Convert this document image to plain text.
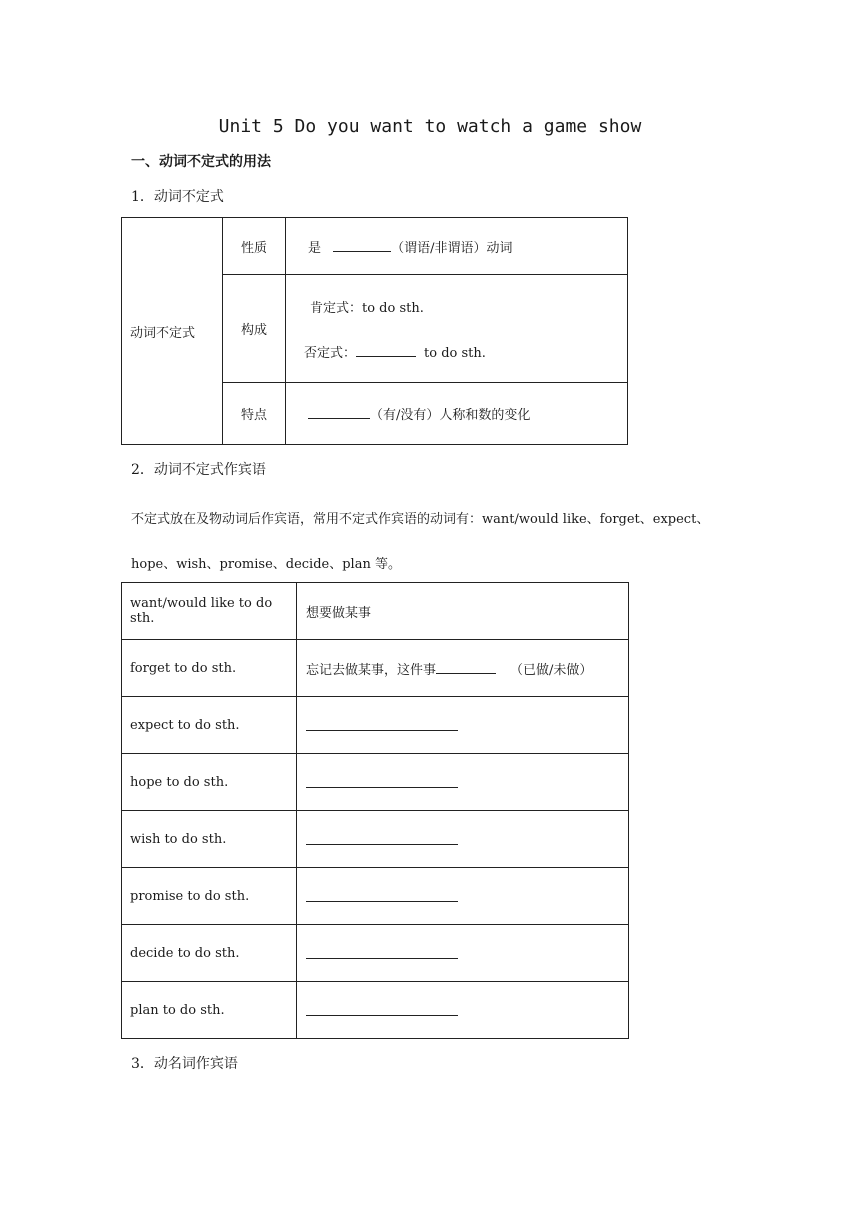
Unit 5 Do you want to watch a game show
一、动词不定式的用法
1．动词不定式
动词不定式	性质	是 （谓语/非谓语）动词
	构成	肯定式：to do sth.
否定式： to do sth.

	特点	（有/没有）人称和数的变化
2．动词不定式作宾语
不定式放在及物动词后作宾语，常用不定式作宾语的动词有：want/would like、forget、expect、
hope、wish、promise、decide、plan 等。
want/would like to do sth.	想要做某事
forget to do sth.	忘记去做某事，这件事 （已做/未做）
expect to do sth.	
hope to do sth.	
wish to do sth.	
promise to do sth.	
decide to do sth.	
plan to do sth.	
3．动名词作宾语
